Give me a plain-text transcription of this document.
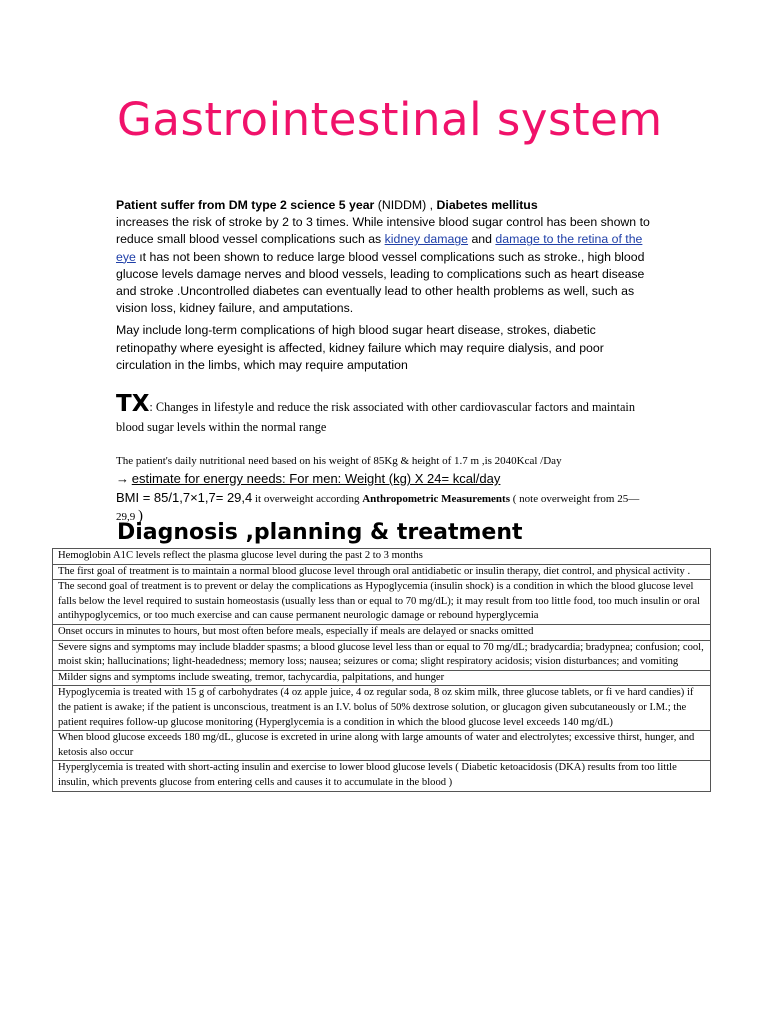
Gastrointestinal system

Patient suffer from DM type 2 science 5 year (NIDDM) , Diabetes mellitus
increases the risk of stroke by 2 to 3 times. While intensive blood sugar control has been shown to reduce small blood vessel complications such as kidney damage and damage to the retina of the eye ıt has not been shown to reduce large blood vessel complications such as stroke., high blood glucose levels damage nerves and blood vessels, leading to complications such as heart disease and stroke .Uncontrolled diabetes can eventually lead to other health problems as well, such as vision loss, kidney failure, and amputations.

May include long-term complications of high blood sugar heart disease, strokes, diabetic retinopathy where eyesight is affected, kidney failure which may require dialysis, and poor circulation in the limbs, which may require amputation

TX: Changes in lifestyle and reduce the risk associated with other cardiovascular factors and maintain blood sugar levels within the normal range
The patient's daily nutritional need based on his weight of 85Kg & height of 1.7 m ,is 2040Kcal /Day
→ estimate for energy needs: For men: Weight (kg) X 24= kcal/day
BMI = 85/1,7×1,7= 29,4 it overweight according Anthropometric Measurements ( note overweight from 25—29,9 )
Diagnosis ,planning & treatment
Hemoglobin A1C levels reflect the plasma glucose level during the past 2 to 3 months
The first goal of treatment is to maintain a normal blood glucose level through oral antidiabetic or insulin therapy, diet control, and physical activity .
The second goal of treatment is to prevent or delay the complications as Hypoglycemia (insulin shock) is a condition in which the blood glucose level falls below the level required to sustain homeostasis (usually less than or equal to 70 mg/dL); it may result from too little food, too much insulin or oral antihypoglycemics, or too much exercise and can cause permanent neurologic damage or rebound hyperglycemia
Onset occurs in minutes to hours, but most often before meals, especially if meals are delayed or snacks omitted
Severe signs and symptoms may include bladder spasms; a blood glucose level less than or equal to 70 mg/dL; bradycardia; bradypnea; confusion; cool, moist skin; hallucinations; light-headedness; memory loss; nausea; seizures or coma; slight respiratory acidosis; vision disturbances; and vomiting
Milder signs and symptoms include sweating, tremor, tachycardia, palpitations, and hunger
Hypoglycemia is treated with 15 g of carbohydrates (4 oz apple juice, 4 oz regular soda, 8 oz skim milk, three glucose tablets, or fi ve hard candies) if the patient is awake; if the patient is unconscious, treatment is an I.V. bolus of 50% dextrose solution, or glucagon given subcutaneously or I.M.; the patient requires follow-up glucose monitoring (Hyperglycemia is a condition in which the blood glucose level exceeds 140 mg/dL)
When blood glucose exceeds 180 mg/dL, glucose is excreted in urine along with large amounts of water and electrolytes; excessive thirst, hunger, and ketosis also occur
Hyperglycemia is treated with short-acting insulin and exercise to lower blood glucose levels ( Diabetic ketoacidosis (DKA) results from too little insulin, which prevents glucose from entering cells and causes it to accumulate in the blood )
